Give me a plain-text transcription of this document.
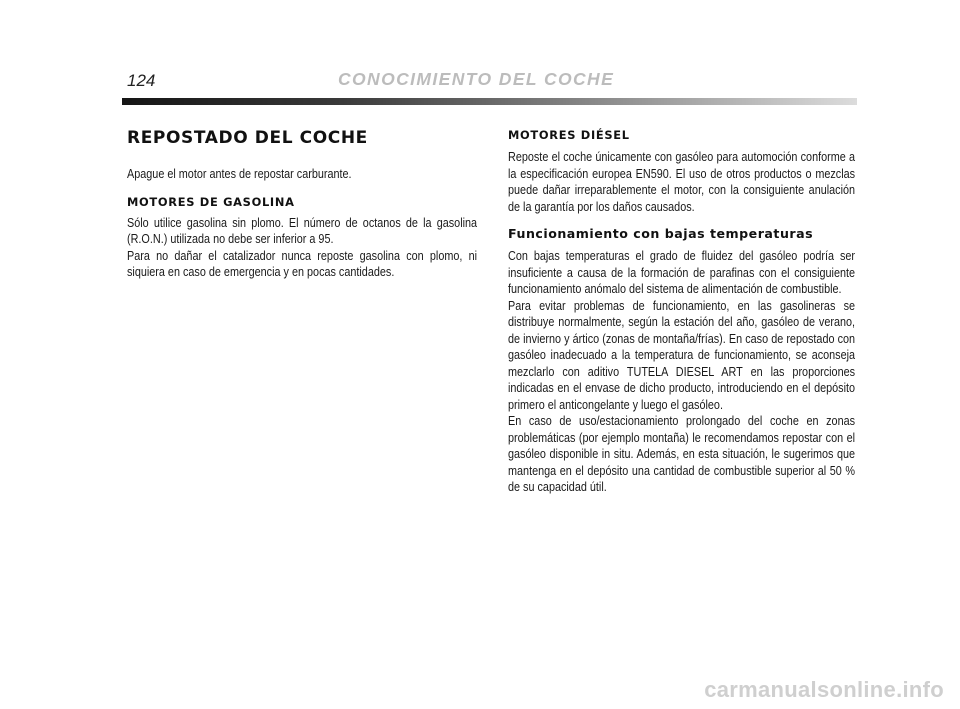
124	CONOCIMIENTO DEL COCHE
REPOSTADO DEL COCHE

Apague el motor antes de repostar carburante.

MOTORES DE GASOLINA

Sólo utilice gasolina sin plomo. El número de octanos de la gasolina (R.O.N.) utilizada no debe ser inferior a 95.

Para no dañar el catalizador nunca reposte gasolina con plomo, ni siquiera en caso de emergencia y en pocas cantidades.

MOTORES DIÉSEL

Reposte el coche únicamente con gasóleo para automoción conforme a la especificación europea EN590. El uso de otros productos o mezclas puede dañar irreparablemente el motor, con la consiguiente anulación de la garantía por los daños causados.

Funcionamiento con bajas temperaturas

Con bajas temperaturas el grado de fluidez del gasóleo podría ser insuficiente a causa de la formación de parafinas con el consiguiente funcionamiento anómalo del sistema de alimentación de combustible.

Para evitar problemas de funcionamiento, en las gasolineras se distribuye normalmente, según la estación del año, gasóleo de verano, de invierno y ártico (zonas de montaña/frías). En caso de repostado con gasóleo inadecuado a la temperatura de funcionamiento, se aconseja mezclarlo con aditivo TUTELA DIESEL ART en las proporciones indicadas en el envase de dicho producto, introduciendo en el depósito primero el anticongelante y luego el gasóleo.

En caso de uso/estacionamiento prolongado del coche en zonas problemáticas (por ejemplo montaña) le recomendamos repostar con el gasóleo disponible in situ. Además, en esta situación, le sugerimos que mantenga en el depósito una cantidad de combustible superior al 50 % de su capacidad útil.

carmanualsonline.info
